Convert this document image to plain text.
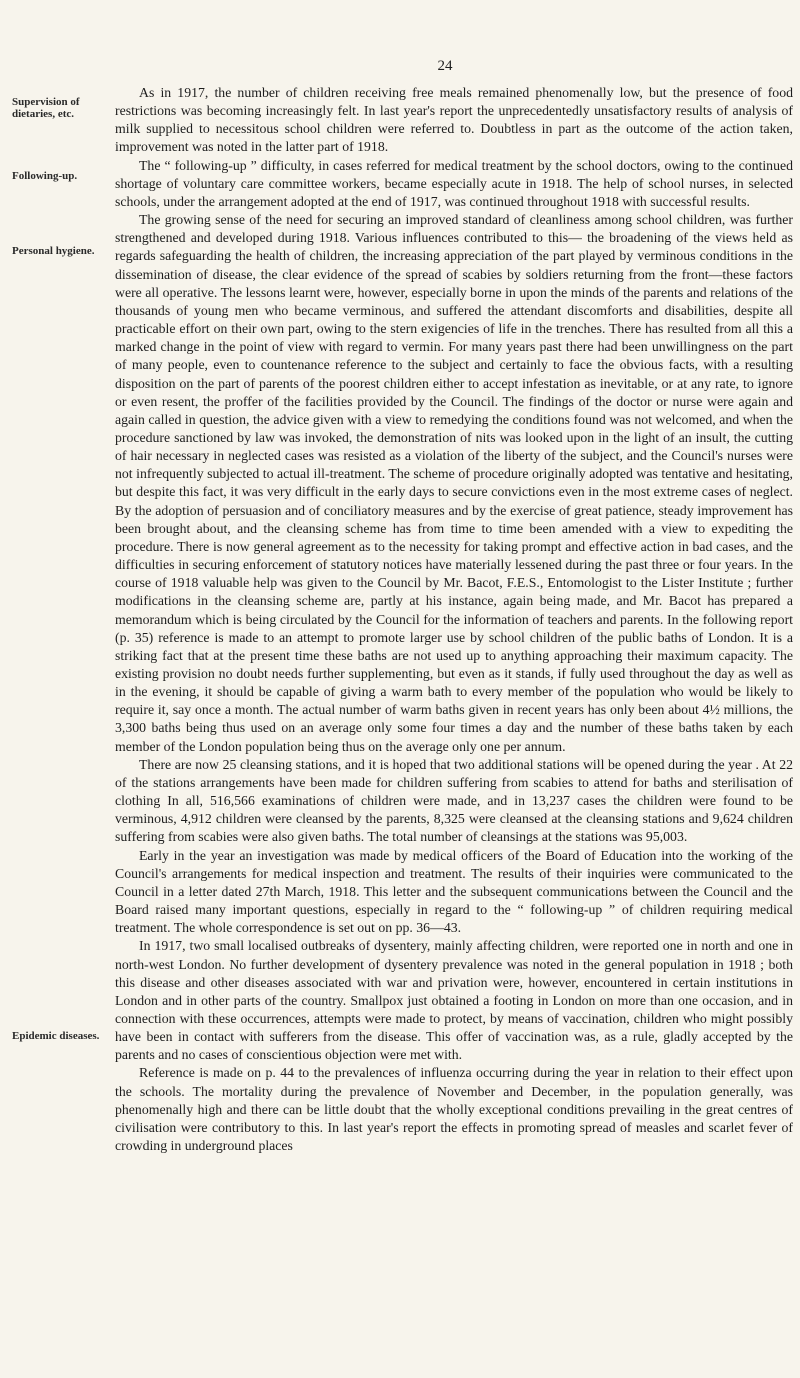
24
Supervision of dietaries, etc.
Following-up.
Personal hygiene.
Epidemic diseases.

As in 1917, the number of children receiving free meals remained phenomenally low, but the presence of food restrictions was becoming increasingly felt. In last year's report the unprecedentedly unsatisfactory results of analysis of milk supplied to necessitous school children were referred to. Doubtless in part as the outcome of the action taken, improvement was noted in the latter part of 1918.

The “ following-up ” difficulty, in cases referred for medical treatment by the school doctors, owing to the continued shortage of voluntary care committee workers, became especially acute in 1918. The help of school nurses, in selected schools, under the arrangement adopted at the end of 1917, was continued throughout 1918 with successful results.

The growing sense of the need for securing an improved standard of cleanliness among school children, was further strengthened and developed during 1918. Various influences contributed to this— the broadening of the views held as regards safeguarding the health of children, the increasing appreciation of the part played by verminous conditions in the dissemination of disease, the clear evidence of the spread of scabies by soldiers returning from the front—these factors were all operative. The lessons learnt were, however, especially borne in upon the minds of the parents and relations of the thousands of young men who became verminous, and suffered the attendant discomforts and disabilities, despite all practicable effort on their own part, owing to the stern exigencies of life in the trenches. There has resulted from all this a marked change in the point of view with regard to vermin. For many years past there had been unwillingness on the part of many people, even to countenance reference to the subject and certainly to face the obvious facts, with a resulting disposition on the part of parents of the poorest children either to accept infestation as inevitable, or at any rate, to ignore or even resent, the proffer of the facilities provided by the Council. The findings of the doctor or nurse were again and again called in question, the advice given with a view to remedying the conditions found was not welcomed, and when the procedure sanctioned by law was invoked, the demonstration of nits was looked upon in the light of an insult, the cutting of hair necessary in neglected cases was resisted as a violation of the liberty of the subject, and the Council's nurses were not infrequently subjected to actual ill-treatment. The scheme of procedure originally adopted was tentative and hesitating, but despite this fact, it was very difficult in the early days to secure convictions even in the most extreme cases of neglect. By the adoption of persuasion and of conciliatory measures and by the exercise of great patience, steady improvement has been brought about, and the cleansing scheme has from time to time been amended with a view to expediting the procedure. There is now general agreement as to the necessity for taking prompt and effective action in bad cases, and the difficulties in securing enforcement of statutory notices have materially lessened during the past three or four years. In the course of 1918 valuable help was given to the Council by Mr. Bacot, F.E.S., Entomologist to the Lister Institute ; further modifications in the cleansing scheme are, partly at his instance, again being made, and Mr. Bacot has prepared a memorandum which is being circulated by the Council for the information of teachers and parents. In the following report (p. 35) reference is made to an attempt to promote larger use by school children of the public baths of London. It is a striking fact that at the present time these baths are not used up to anything approaching their maximum capacity. The existing provision no doubt needs further supplementing, but even as it stands, if fully used throughout the day as well as in the evening, it should be capable of giving a warm bath to every member of the population who would be likely to require it, say once a month. The actual number of warm baths given in recent years has only been about 4½ millions, the 3,300 baths being thus used on an average only some four times a day and the number of these baths taken by each member of the London population being thus on the average only one per annum.

There are now 25 cleansing stations, and it is hoped that two additional stations will be opened during the year . At 22 of the stations arrangements have been made for children suffering from scabies to attend for baths and sterilisation of clothing In all, 516,566 examinations of children were made, and in 13,237 cases the children were found to be verminous, 4,912 children were cleansed by the parents, 8,325 were cleansed at the cleansing stations and 9,624 children suffering from scabies were also given baths. The total number of cleansings at the stations was 95,003.

Early in the year an investigation was made by medical officers of the Board of Education into the working of the Council's arrangements for medical inspection and treatment. The results of their inquiries were communicated to the Council in a letter dated 27th March, 1918. This letter and the subsequent communications between the Council and the Board raised many important questions, especially in regard to the “ following-up ” of children requiring medical treatment. The whole correspondence is set out on pp. 36—43.

In 1917, two small localised outbreaks of dysentery, mainly affecting children, were reported one in north and one in north-west London. No further development of dysentery prevalence was noted in the general population in 1918 ; both this disease and other diseases associated with war and privation were, however, encountered in certain institutions in London and in other parts of the country. Smallpox just obtained a footing in London on more than one occasion, and in connection with these occurrences, attempts were made to protect, by means of vaccination, children who might possibly have been in contact with sufferers from the disease. This offer of vaccination was, as a rule, gladly accepted by the parents and no cases of conscientious objection were met with.

Reference is made on p. 44 to the prevalences of influenza occurring during the year in relation to their effect upon the schools. The mortality during the prevalence of November and December, in the population generally, was phenomenally high and there can be little doubt that the wholly exceptional conditions prevailing in the great centres of civilisation were contributory to this. In last year's report the effects in promoting spread of measles and scarlet fever of crowding in underground places
